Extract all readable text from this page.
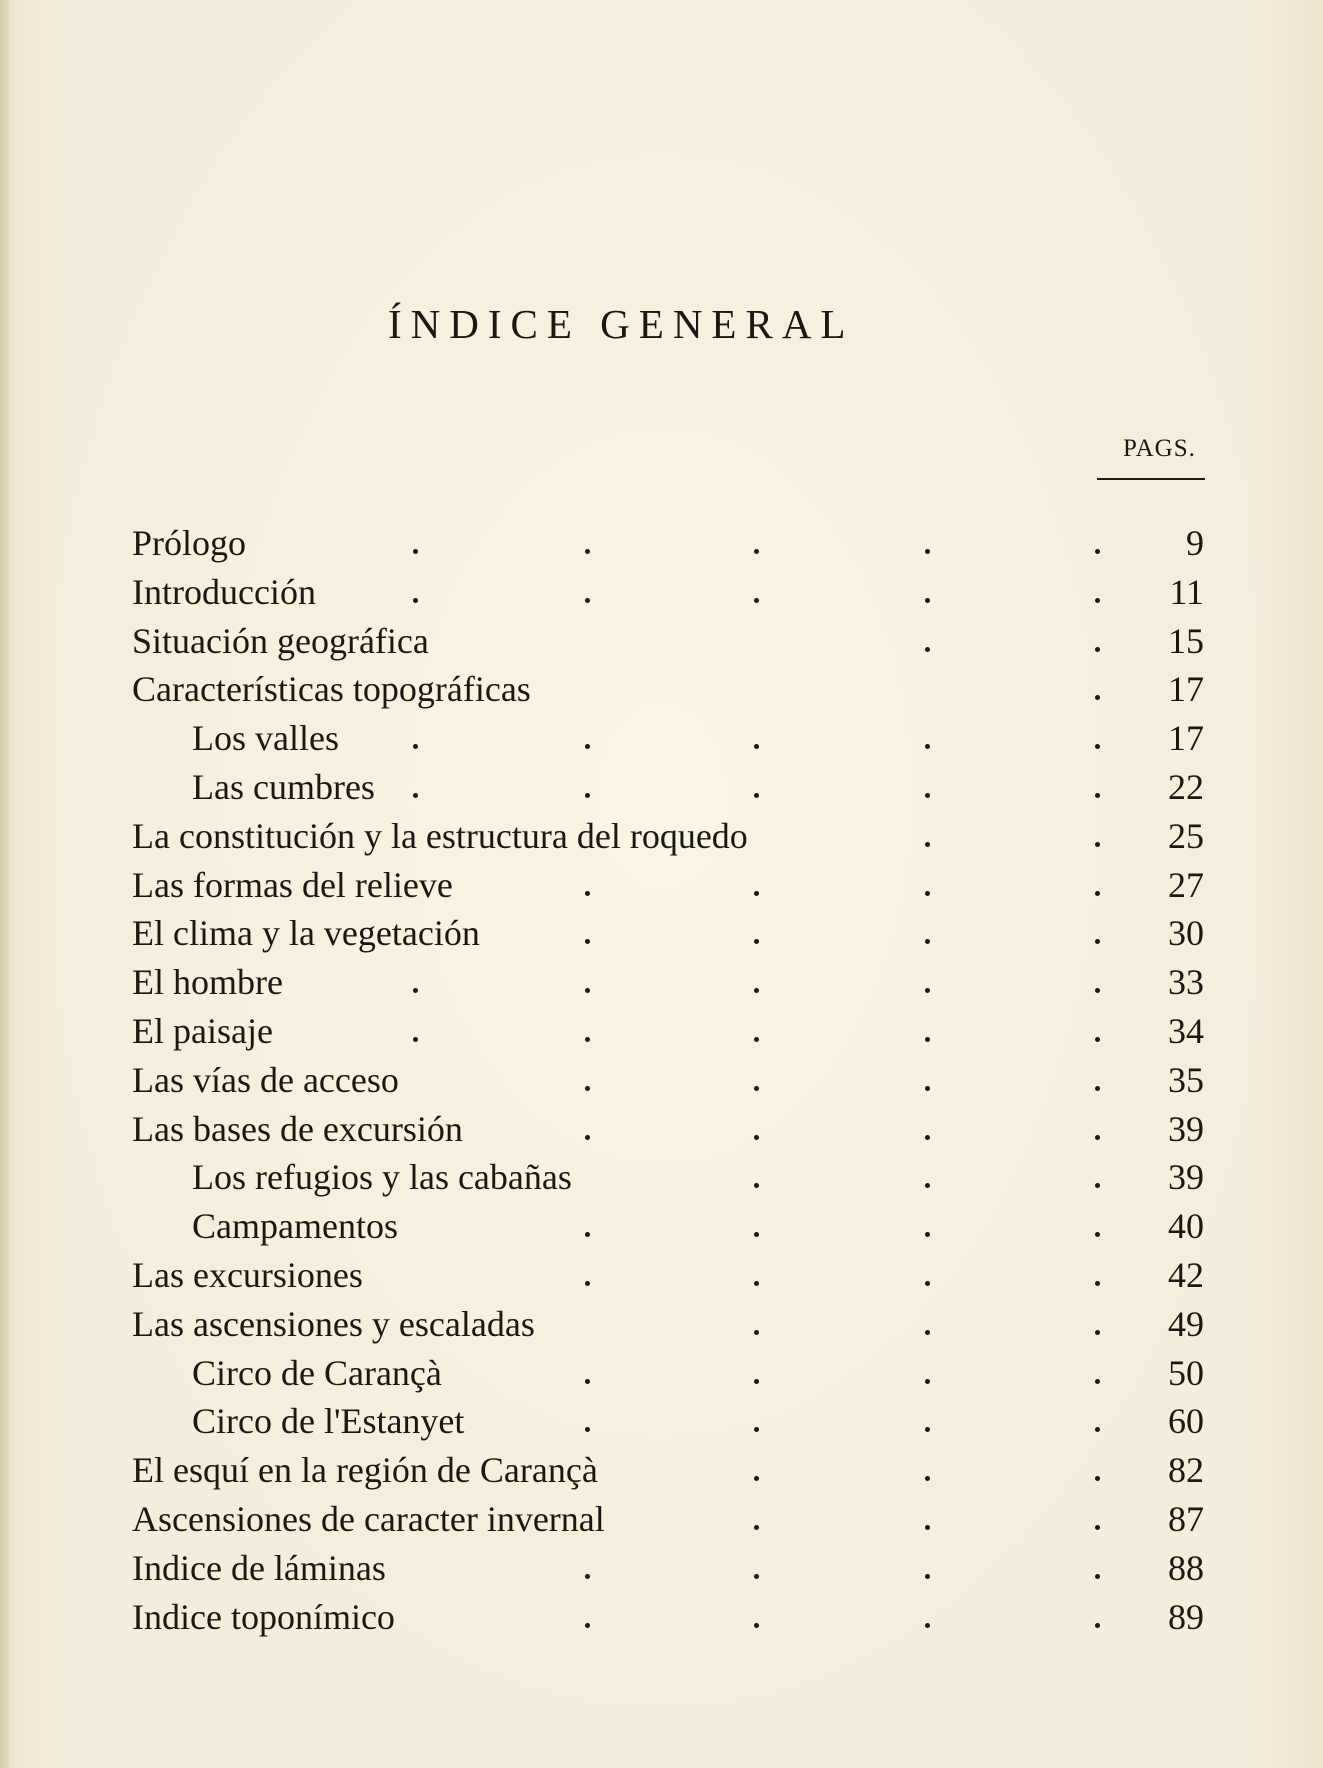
ÍNDICE GENERAL
PAGS.
Prólogo	9
Introducción	11
Situación geográfica	15
Características topográficas	17
Los valles	17
Las cumbres	22
La constitución y la estructura del roquedo	25
Las formas del relieve	27
El clima y la vegetación	30
El hombre	33
El paisaje	34
Las vías de acceso	35
Las bases de excursión	39
Los refugios y las cabañas	39
Campamentos	40
Las excursiones	42
Las ascensiones y escaladas	49
Circo de Carançà	50
Circo de l'Estanyet	60
El esquí en la región de Carançà	82
Ascensiones de caracter invernal	87
Indice de láminas	88
Indice toponímico	89
